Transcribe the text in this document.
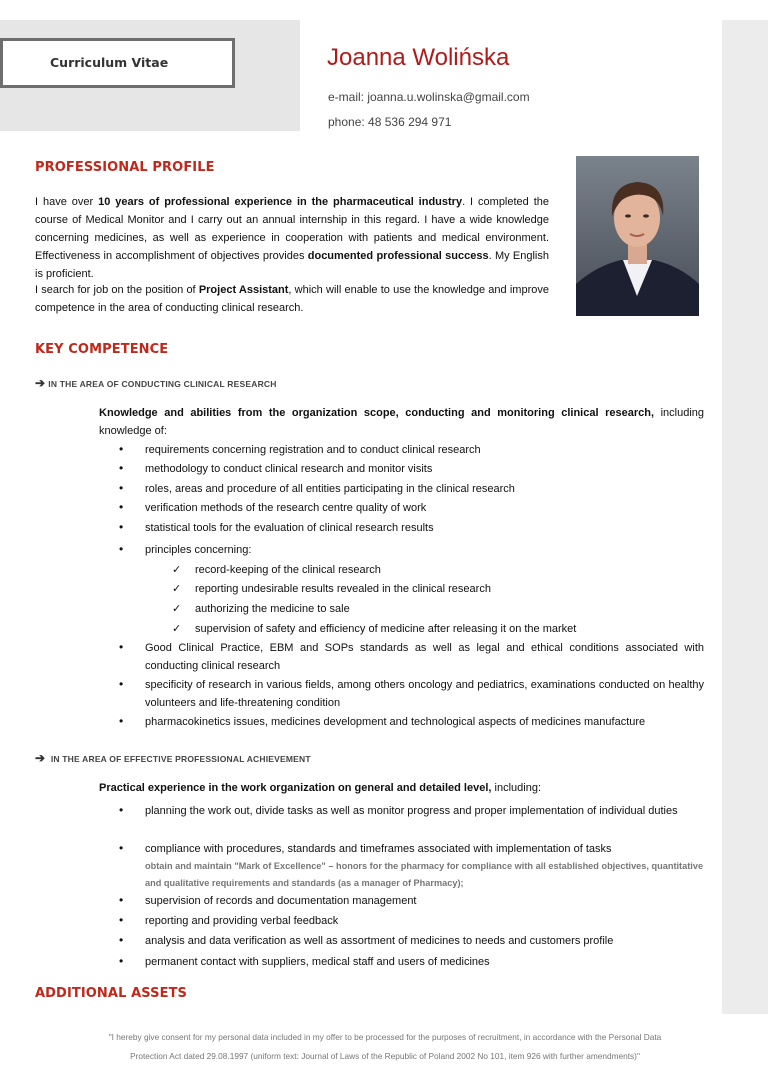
Curriculum Vitae	Joanna Wolińska
e-mail: joanna.u.wolinska@gmail.com
phone: 48 536 294 971
PROFESSIONAL PROFILE
I have over 10 years of professional experience in the pharmaceutical industry. I completed the course of Medical Monitor and I carry out an annual internship in this regard. I have a wide knowledge concerning medicines, as well as experience in cooperation with patients and medical environment. Effectiveness in accomplishment of objectives provides documented professional success. My English is proficient.
I search for job on the position of Project Assistant, which will enable to use the knowledge and improve competence in the area of conducting clinical research.
KEY COMPETENCE
➔ IN THE AREA OF CONDUCTING CLINICAL RESEARCH
Knowledge and abilities from the organization scope, conducting and monitoring clinical research, including knowledge of:
• requirements concerning registration and to conduct clinical research
• methodology to conduct clinical research and monitor visits
• roles, areas and procedure of all entities participating in the clinical research
• verification methods of the research centre quality of work
• statistical tools for the evaluation of clinical research results
• principles concerning:
✓ record-keeping of the clinical research
✓ reporting undesirable results revealed in the clinical research
✓ authorizing the medicine to sale
✓ supervision of safety and efficiency of medicine after releasing it on the market
• Good Clinical Practice, EBM and SOPs standards as well as legal and ethical conditions associated with conducting clinical research
• specificity of research in various fields, among others oncology and pediatrics, examinations conducted on healthy volunteers and life-threatening condition
• pharmacokinetics issues, medicines development and technological aspects of medicines manufacture
➔ IN THE AREA OF EFFECTIVE PROFESSIONAL ACHIEVEMENT
Practical experience in the work organization on general and detailed level, including:
• planning the work out, divide tasks as well as monitor progress and proper implementation of individual duties
• compliance with procedures, standards and timeframes associated with implementation of tasks
obtain and maintain "Mark of Excellence" – honors for the pharmacy for compliance with all established objectives, quantitative and qualitative requirements and standards (as a manager of Pharmacy);
• supervision of records and documentation management
• reporting and providing verbal feedback
• analysis and data verification as well as assortment of medicines to needs and customers profile
• permanent contact with suppliers, medical staff and users of medicines
ADDITIONAL ASSETS
"I hereby give consent for my personal data included in my offer to be processed for the purposes of recruitment, in accordance with the Personal Data
Protection Act dated 29.08.1997 (uniform text: Journal of Laws of the Republic of Poland 2002 No 101, item 926 with further amendments)"
